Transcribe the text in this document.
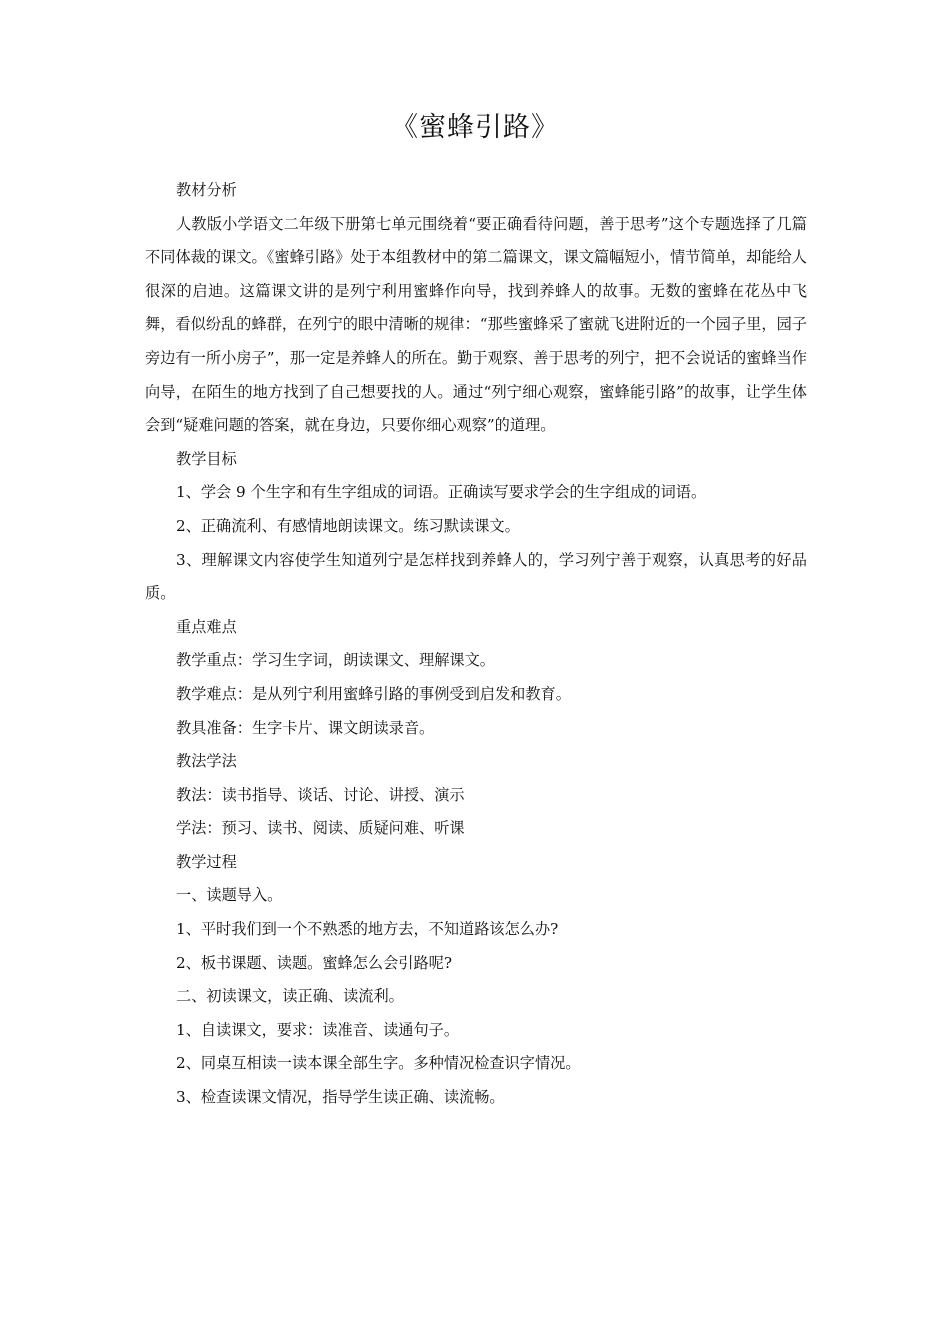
《蜜蜂引路》

教材分析

人教版小学语文二年级下册第七单元围绕着“要正确看待问题，善于思考”这个专题选择了几篇不同体裁的课文。《蜜蜂引路》处于本组教材中的第二篇课文，课文篇幅短小，情节简单，却能给人很深的启迪。这篇课文讲的是列宁利用蜜蜂作向导，找到养蜂人的故事。无数的蜜蜂在花丛中飞舞，看似纷乱的蜂群，在列宁的眼中清晰的规律：“那些蜜蜂采了蜜就飞进附近的一个园子里，园子旁边有一所小房子”，那一定是养蜂人的所在。勤于观察、善于思考的列宁，把不会说话的蜜蜂当作向导，在陌生的地方找到了自己想要找的人。通过“列宁细心观察，蜜蜂能引路”的故事，让学生体会到“疑难问题的答案，就在身边，只要你细心观察”的道理。

教学目标

1、学会 9 个生字和有生字组成的词语。正确读写要求学会的生字组成的词语。

2、正确流利、有感情地朗读课文。练习默读课文。

3、理解课文内容使学生知道列宁是怎样找到养蜂人的，学习列宁善于观察，认真思考的好品质。

重点难点

教学重点：学习生字词，朗读课文、理解课文。

教学难点：是从列宁利用蜜蜂引路的事例受到启发和教育。

教具准备：生字卡片、课文朗读录音。

教法学法

教法：读书指导、谈话、讨论、讲授、演示

学法：预习、读书、阅读、质疑问难、听课

教学过程

一、读题导入。

1、平时我们到一个不熟悉的地方去，不知道路该怎么办?

2、板书课题、读题。蜜蜂怎么会引路呢?

二、初读课文，读正确、读流利。

1、自读课文，要求：读准音、读通句子。

2、同桌互相读一读本课全部生字。多种情况检查识字情况。

3、检查读课文情况，指导学生读正确、读流畅。
